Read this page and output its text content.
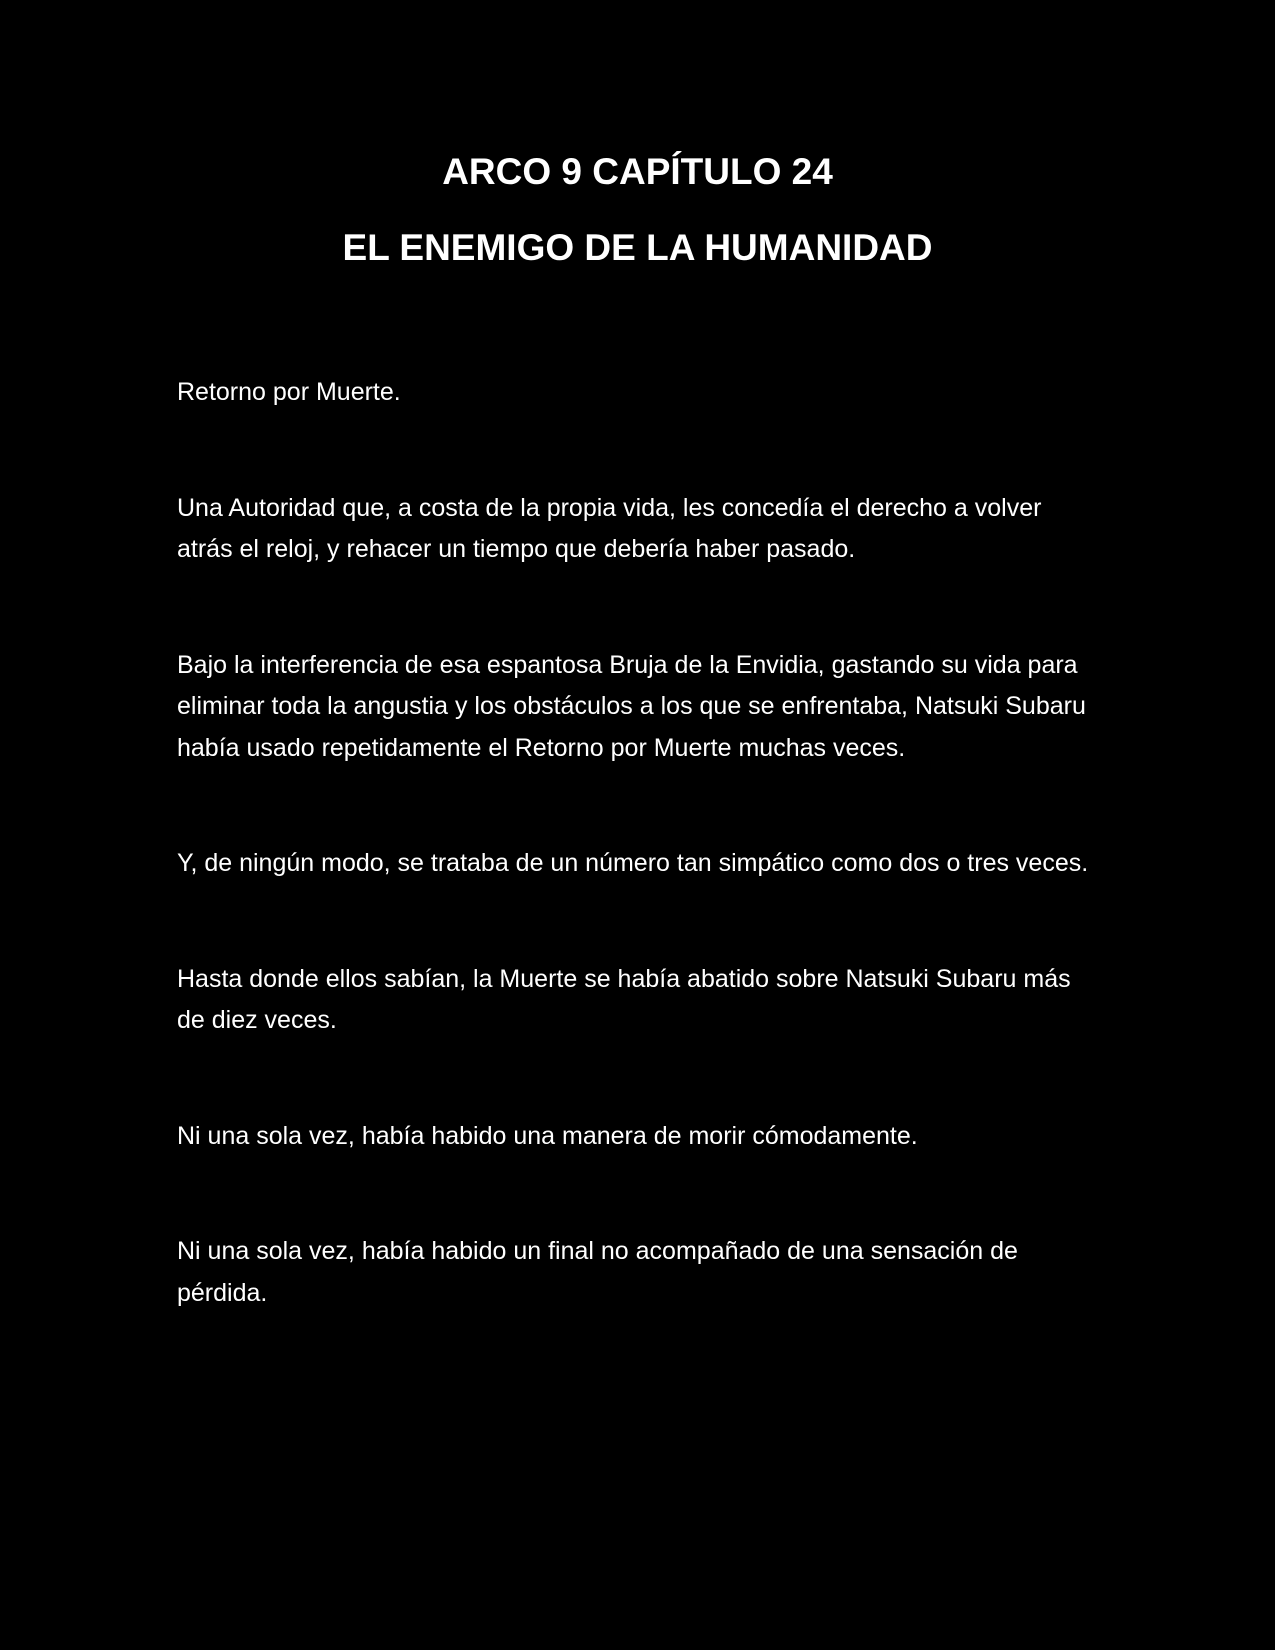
ARCO 9 CAPÍTULO 24
EL ENEMIGO DE LA HUMANIDAD

Retorno por Muerte.

Una Autoridad que, a costa de la propia vida, les concedía el derecho a volver atrás el reloj, y rehacer un tiempo que debería haber pasado.

Bajo la interferencia de esa espantosa Bruja de la Envidia, gastando su vida para eliminar toda la angustia y los obstáculos a los que se enfrentaba, Natsuki Subaru había usado repetidamente el Retorno por Muerte muchas veces.

Y, de ningún modo, se trataba de un número tan simpático como dos o tres veces.

Hasta donde ellos sabían, la Muerte se había abatido sobre Natsuki Subaru más de diez veces.

Ni una sola vez, había habido una manera de morir cómodamente.

Ni una sola vez, había habido un final no acompañado de una sensación de pérdida.
